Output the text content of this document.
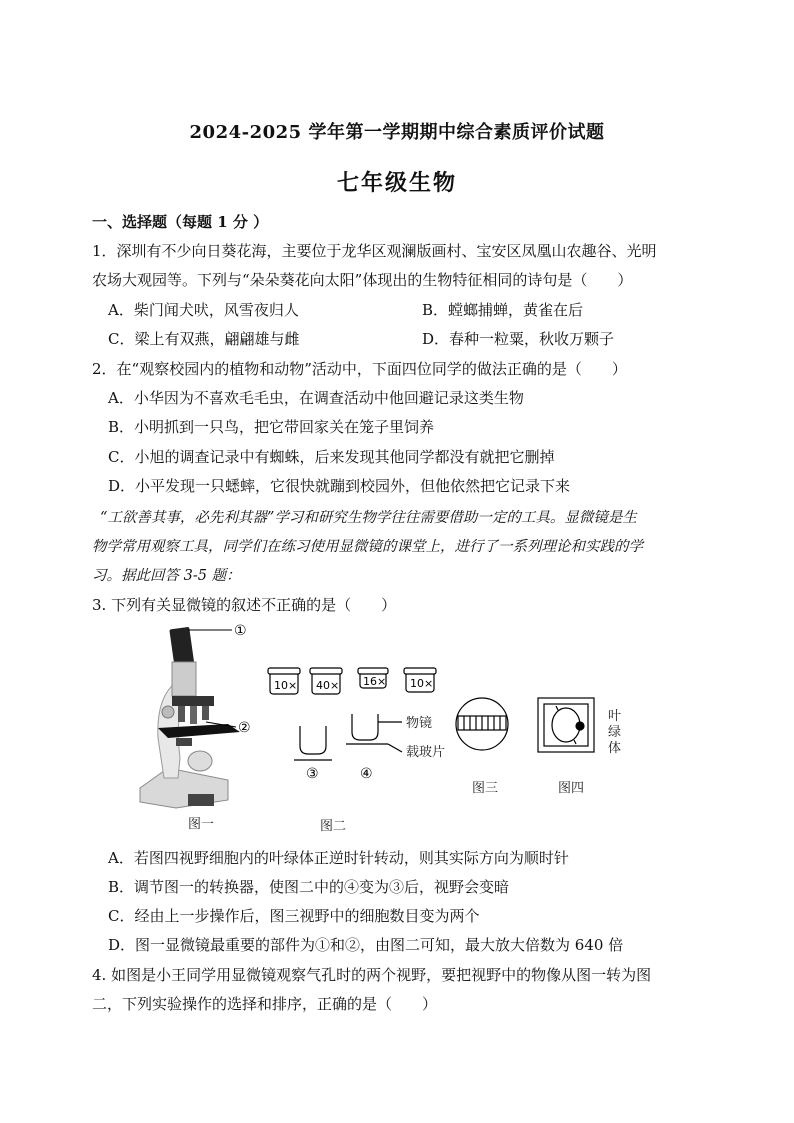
2024-2025 学年第一学期期中综合素质评价试题
七年级生物
一、选择题（每题 1 分 ）
1．深圳有不少向日葵花海，主要位于龙华区观澜版画村、宝安区凤凰山农趣谷、光明
农场大观园等。下列与“朵朵葵花向太阳”体现出的生物特征相同的诗句是（　　）
A．柴门闻犬吠，风雪夜归人	B．螳螂捕蝉，黄雀在后
C．梁上有双燕，翩翩雄与雌	D．春种一粒粟，秋收万颗子
2．在“观察校园内的植物和动物”活动中，下面四位同学的做法正确的是（　　）
A．小华因为不喜欢毛毛虫，在调查活动中他回避记录这类生物
B．小明抓到一只鸟，把它带回家关在笼子里饲养
C．小旭的调查记录中有蜘蛛，后来发现其他同学都没有就把它删掉
D．小平发现一只蟋蟀，它很快就蹦到校园外，但他依然把它记录下来
“工欲善其事，必先利其器”学习和研究生物学往往需要借助一定的工具。显微镜是生
物学常用观察工具，同学们在练习使用显微镜的课堂上，进行了一系列理论和实践的学
习。据此回答 3-5 题：
3. 下列有关显微镜的叙述不正确的是（　　）
①
②
图一
10× 40× 16× 10×
③	④
物镜
载玻片
图二
图三
叶绿体
图四
A．若图四视野细胞内的叶绿体正逆时针转动，则其实际方向为顺时针
B．调节图一的转换器，使图二中的④变为③后，视野会变暗
C．经由上一步操作后，图三视野中的细胞数目变为两个
D．图一显微镜最重要的部件为①和②，由图二可知，最大放大倍数为 640 倍
4. 如图是小王同学用显微镜观察气孔时的两个视野，要把视野中的物像从图一转为图
二，下列实验操作的选择和排序，正确的是（　　）
